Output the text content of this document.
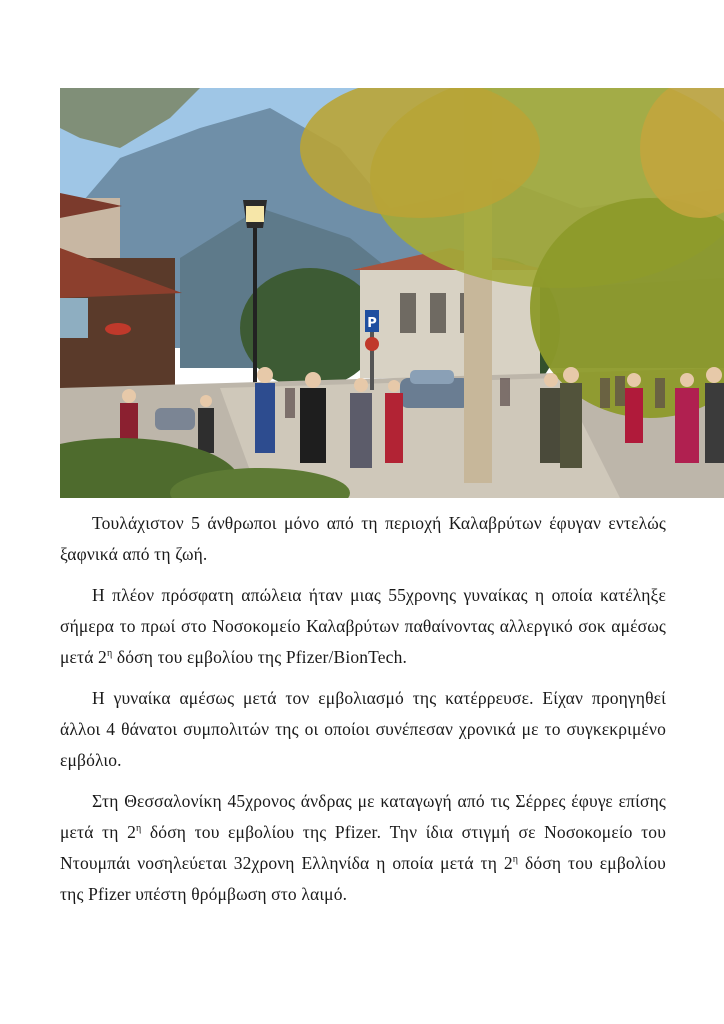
P

Τουλάχιστον 5 άνθρωποι μόνο από τη περιοχή Καλαβρύτων έφυγαν εντελώς ξαφνικά από τη ζωή.

Η πλέον πρόσφατη απώλεια ήταν μιας 55χρονης γυναίκας η οποία κατέληξε σήμερα το πρωί στο Νοσοκομείο Καλαβρύτων παθαίνοντας αλλεργικό σοκ αμέσως μετά $2^\eta$ δόση του εμβολίου της Pfizer/BionTech.

Η γυναίκα αμέσως μετά τον εμβολιασμό της κατέρρευσε. Είχαν προηγηθεί άλλοι 4 θάνατοι συμπολιτών της οι οποίοι συνέπεσαν χρονικά με το συγκεκριμένο εμβόλιο.

Στη Θεσσαλονίκη 45χρονος άνδρας με καταγωγή από τις Σέρρες έφυγε επίσης μετά τη $2^\eta$ δόση του εμβολίου της Pfizer. Την ίδια στιγμή σε Νοσοκομείο του Ντουμπάι νοσηλεύεται 32χρονη Ελληνίδα η οποία μετά τη $2^\eta$ δόση του εμβολίου της Pfizer υπέστη θρόμβωση στο λαιμό.
